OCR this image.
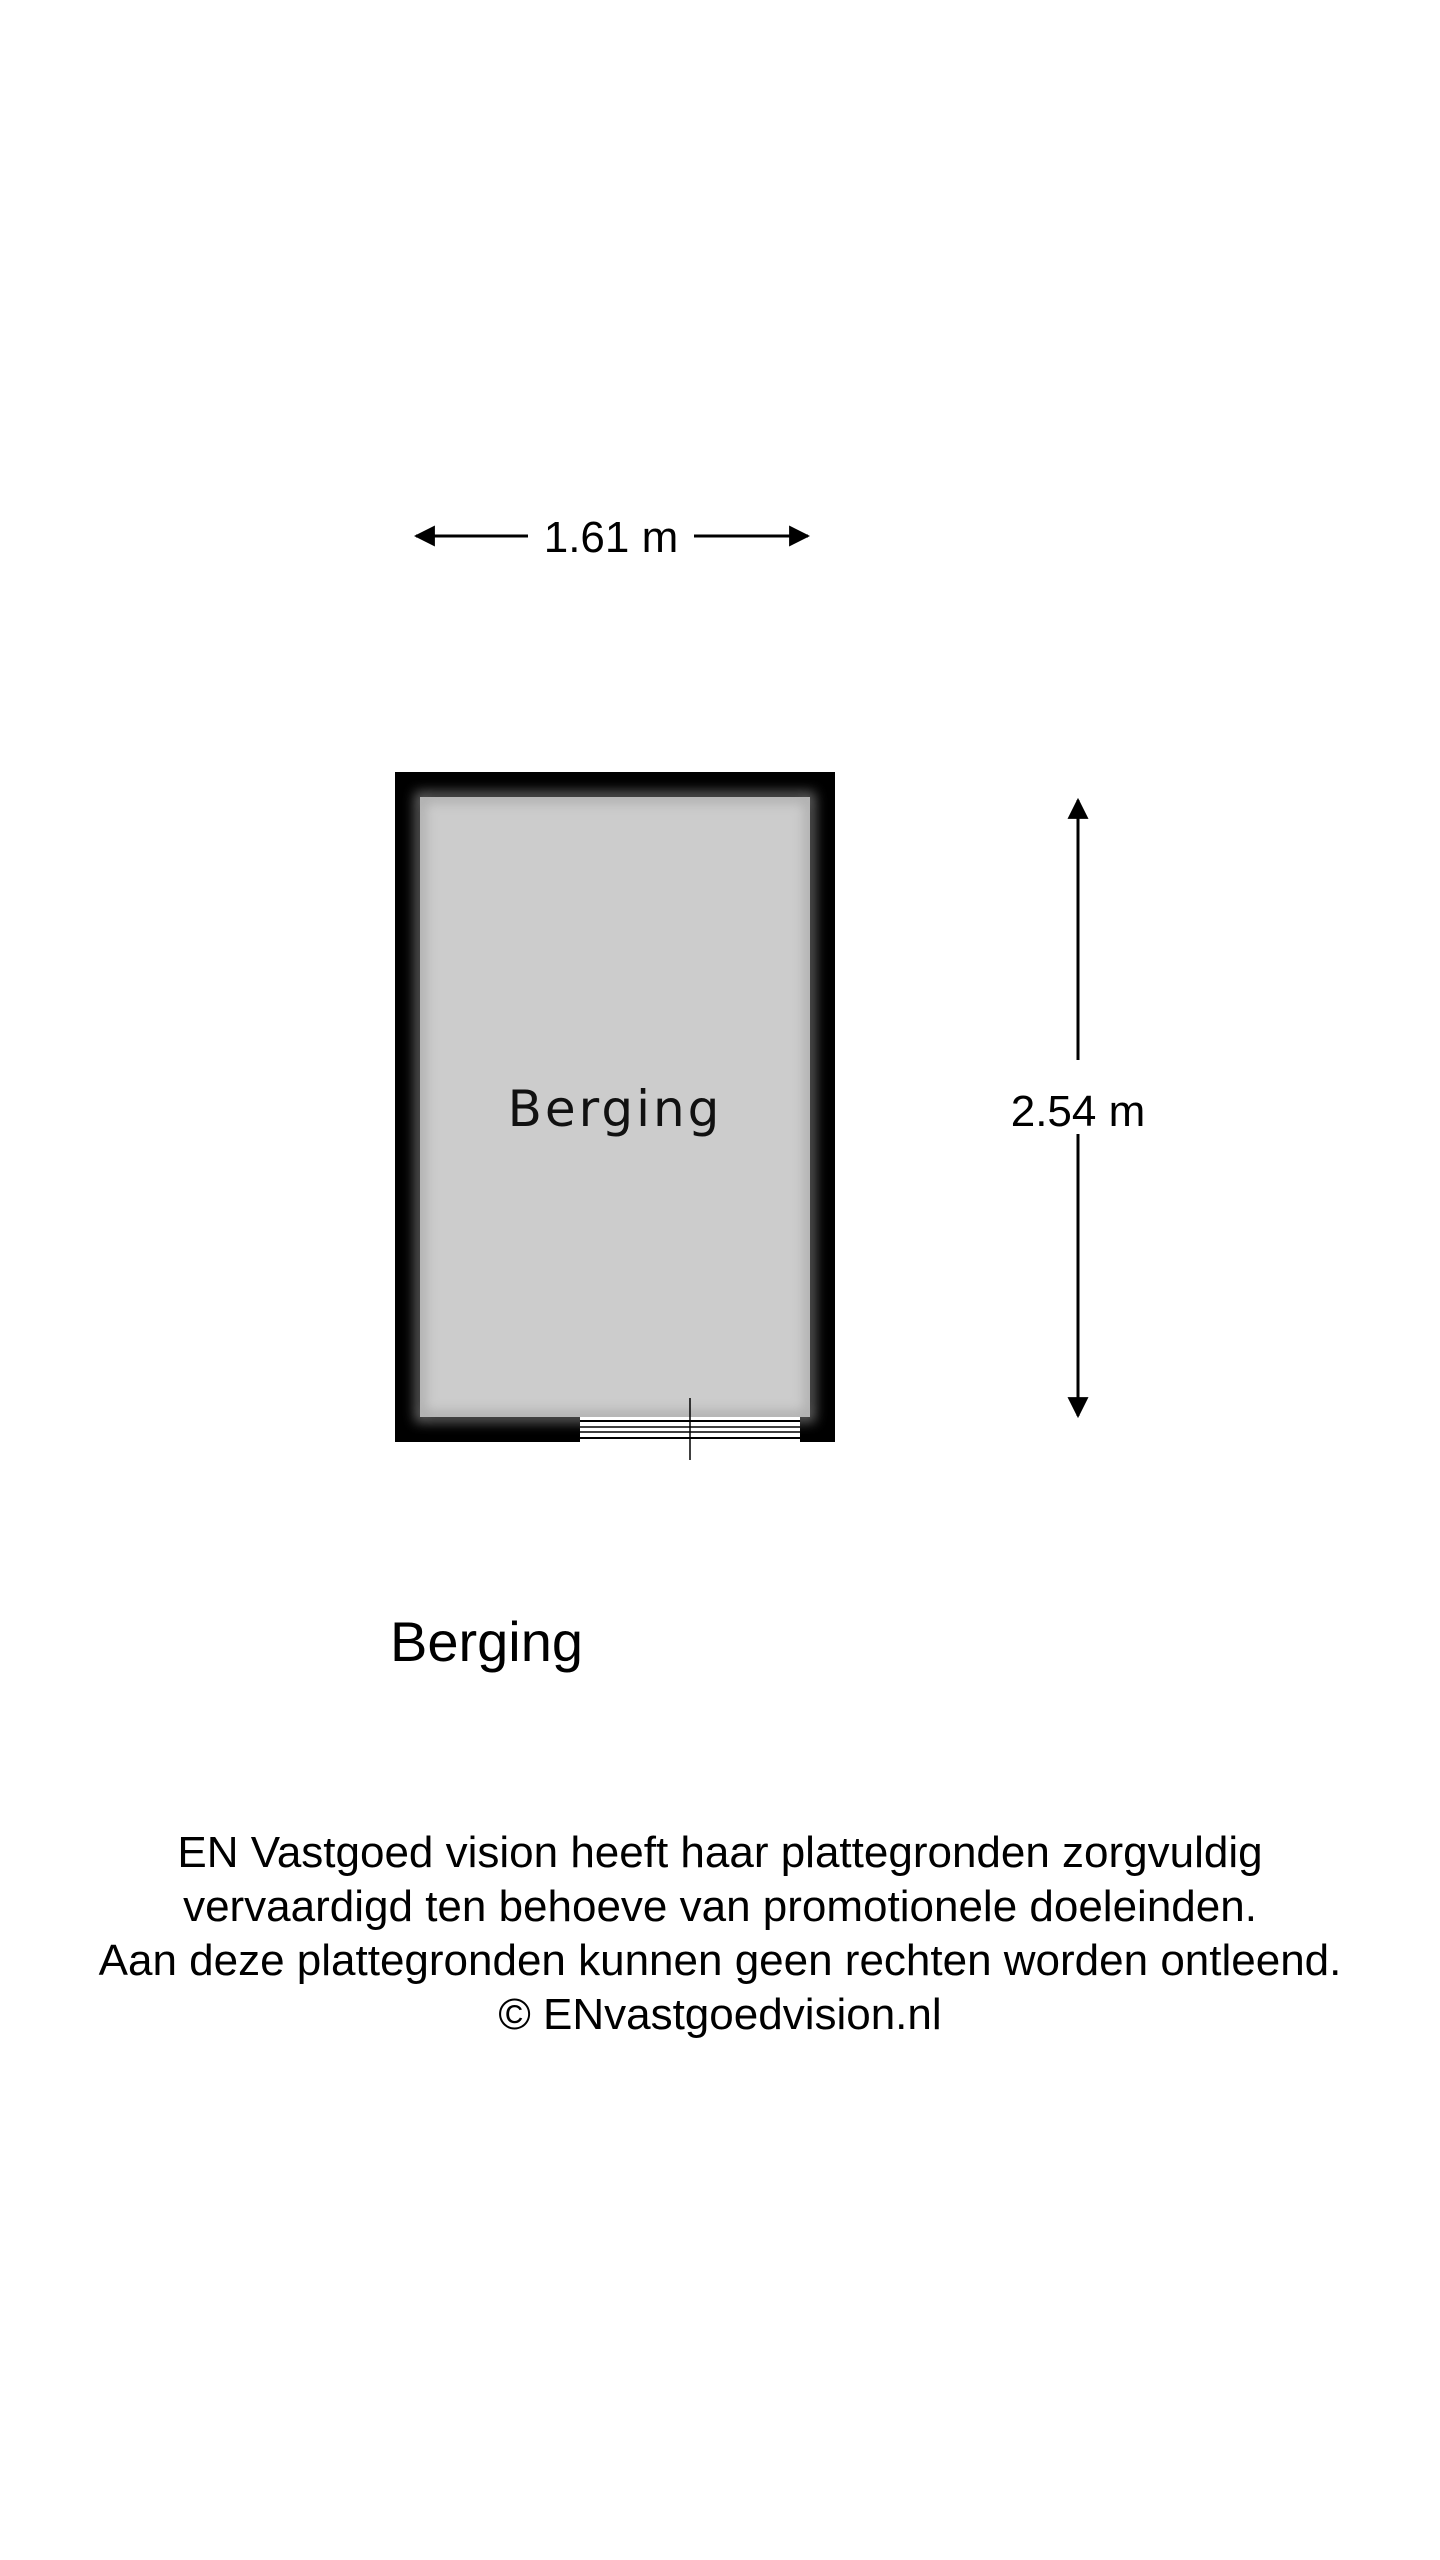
1.61 m
Berging	2.54 m
Berging
EN Vastgoed vision heeft haar plattegronden zorgvuldig
vervaardigd ten behoeve van promotionele doeleinden.
Aan deze plattegronden kunnen geen rechten worden ontleend.
© ENvastgoedvision.nl
